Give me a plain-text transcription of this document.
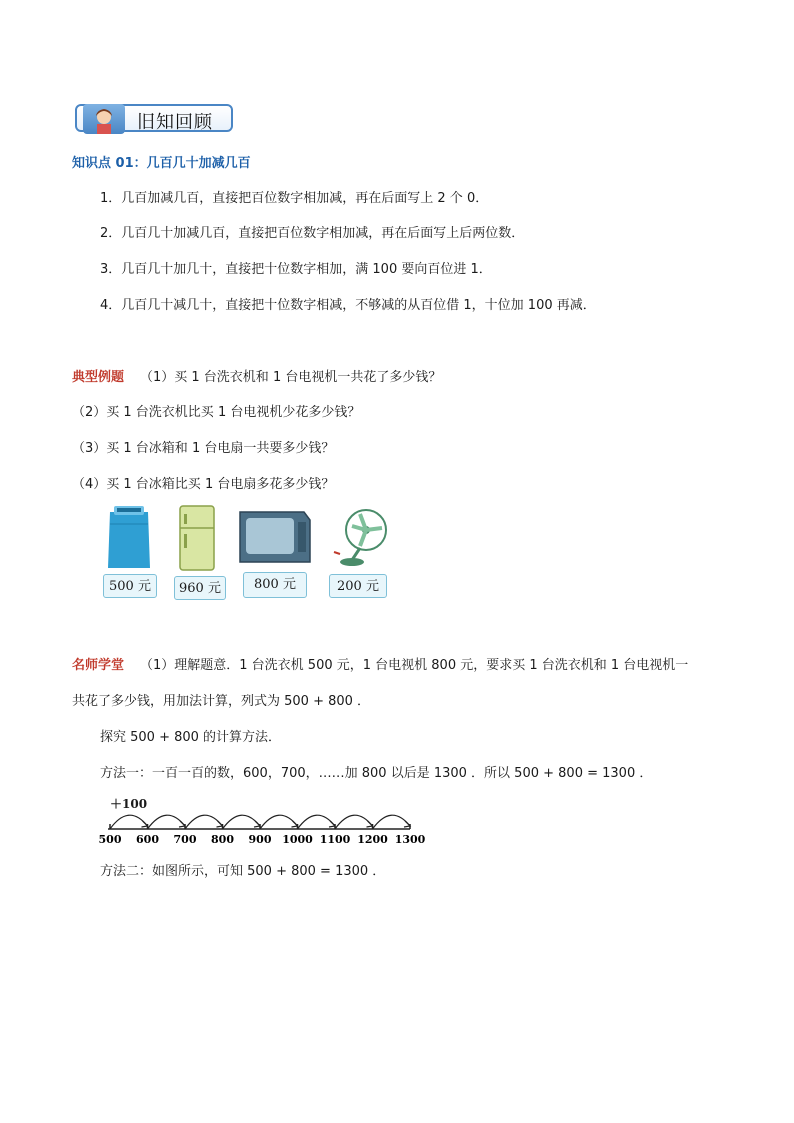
旧知回顾
知识点 01：几百几十加减几百
1．几百加减几百，直接把百位数字相加减，再在后面写上 2 个 0．
2．几百几十加减几百，直接把百位数字相加减，再在后面写上后两位数．
3．几百几十加几十，直接把十位数字相加，满 100 要向百位进 1．
4．几百几十减几十，直接把十位数字相减，不够减的从百位借 1，十位加 100 再减．
典型例题 （1）买 1 台洗衣机和 1 台电视机一共花了多少钱？
（2）买 1 台洗衣机比买 1 台电视机少花多少钱？
（3）买 1 台冰箱和 1 台电扇一共要多少钱？
（4）买 1 台冰箱比买 1 台电扇多花多少钱？
500 元	960 元	800 元	200 元
名师学堂 （1）理解题意．1 台洗衣机 500 元，1 台电视机 800 元，要求买 1 台洗衣机和 1 台电视机一
共花了多少钱，用加法计算，列式为 500 + 800 ．
探究 500 + 800 的计算方法．
方法一：一百一百的数，600，700，……加 800 以后是 1300 ．所以 500 + 800 = 1300 ．
500 600 700 800 900 1000 1100 1200 1300
＋100
方法二：如图所示，可知 500 + 800 = 1300 ．
